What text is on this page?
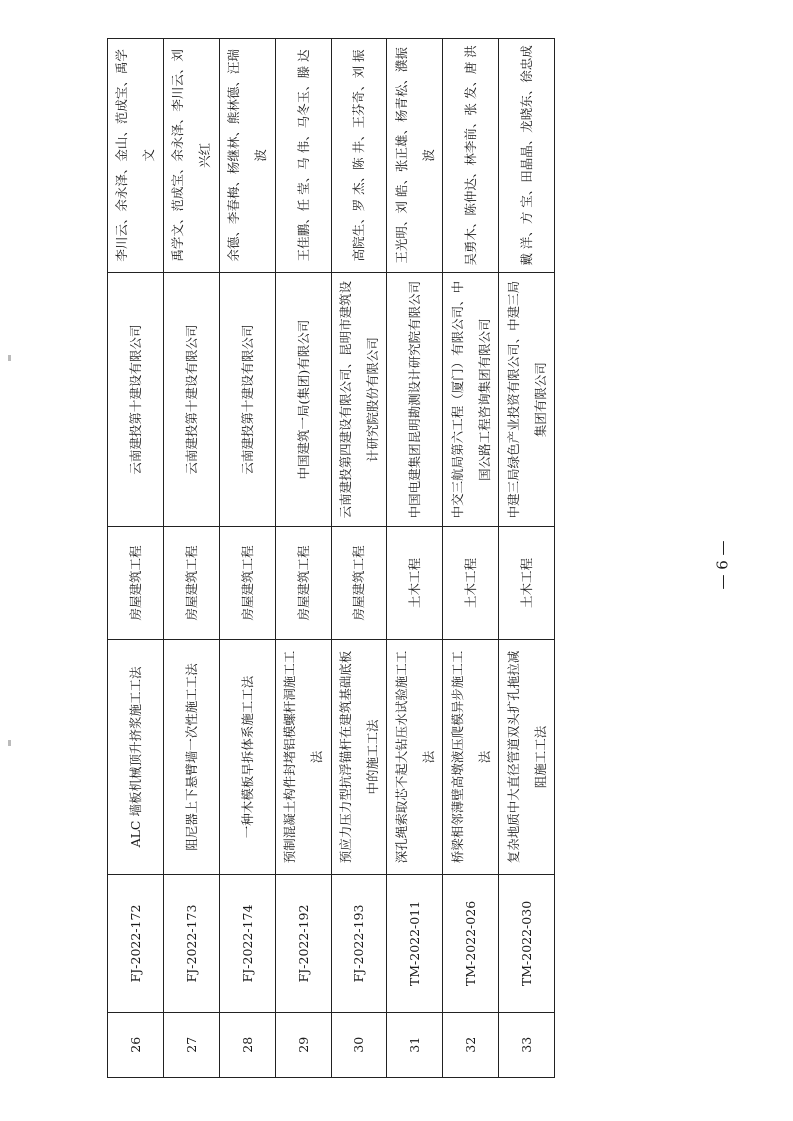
26	FJ-2022-172	ALC 墙板机械顶升挤浆施工工法	房屋建筑工程	云南建投第十建设有限公司	李川云、余永泽、金山、范成宝、禹学文
27	FJ-2022-173	阻尼器上下悬臂墙一次性施工工法	房屋建筑工程	云南建投第十建设有限公司	禹学文、范成宝、余永泽、李川云、刘兴红
28	FJ-2022-174	一种木模板早拆体系施工工法	房屋建筑工程	云南建投第十建设有限公司	余德、李春梅、杨继林、熊林德、汪瑞波
29	FJ-2022-192	预制混凝土构件封堵铝模螺杆洞施工工法	房屋建筑工程	中国建筑一局(集团)有限公司	王佳鹏、任 莹、马 伟、马冬玉、滕 达
30	FJ-2022-193	预应力压力型抗浮锚杆在建筑基础底板中的施工工法	房屋建筑工程	云南建投第四建设有限公司、昆明市建筑设计研究院股份有限公司	高院生、罗 杰、陈 井、王芬奇、刘 振
31	TM-2022-011	深孔绳索取芯不起大钻压水试验施工工法	土木工程	中国电建集团昆明勘测设计研究院有限公司	王光明、刘 皓、张正雄、杨青松、濮振波
32	TM-2022-026	桥梁相邻薄壁高墩液压爬模异步施工工法	土木工程	中交三航局第六工程（厦门）有限公司、中国公路工程咨询集团有限公司	吴勇木、陈仲达、林李前、张 发、唐 洪
33	TM-2022-030	复杂地质中大直径管道双头扩孔拖拉减阻施工工法	土木工程	中建三局绿色产业投资有限公司、中建三局集团有限公司	戴 洋、方 宝、田晶晶、龙晓东、徐忠成
— 6 —
